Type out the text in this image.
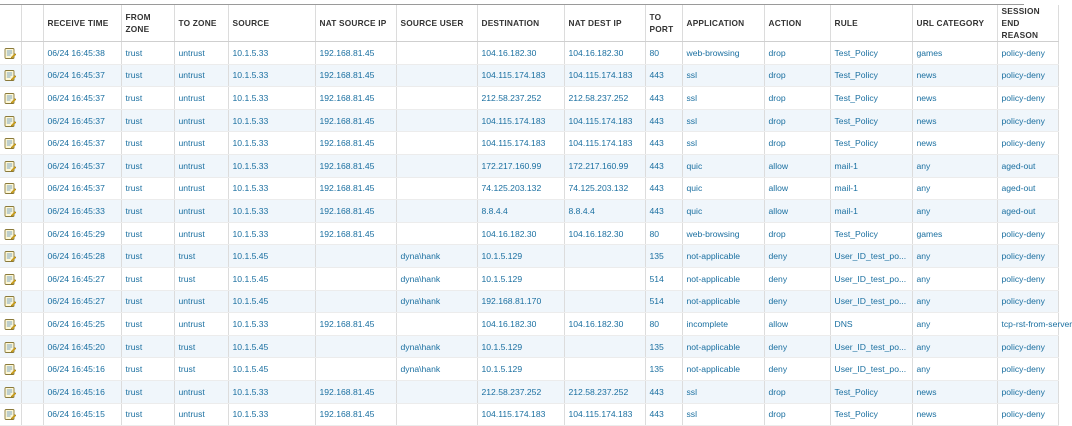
		RECEIVE TIME	FROM ZONE	TO ZONE	SOURCE	NAT SOURCE IP	SOURCE USER	DESTINATION	NAT DEST IP	TO PORT	APPLICATION	ACTION	RULE	URL CATEGORY	SESSION END REASON

		06/24 16:45:38	trust	untrust	10.1.5.33	192.168.81.45		104.16.182.30	104.16.182.30	80	web-browsing	drop	Test_Policy	games	policy-deny

		06/24 16:45:37	trust	untrust	10.1.5.33	192.168.81.45		104.115.174.183	104.115.174.183	443	ssl	drop	Test_Policy	news	policy-deny

		06/24 16:45:37	trust	untrust	10.1.5.33	192.168.81.45		212.58.237.252	212.58.237.252	443	ssl	drop	Test_Policy	news	policy-deny

		06/24 16:45:37	trust	untrust	10.1.5.33	192.168.81.45		104.115.174.183	104.115.174.183	443	ssl	drop	Test_Policy	news	policy-deny

		06/24 16:45:37	trust	untrust	10.1.5.33	192.168.81.45		104.115.174.183	104.115.174.183	443	ssl	drop	Test_Policy	news	policy-deny

		06/24 16:45:37	trust	untrust	10.1.5.33	192.168.81.45		172.217.160.99	172.217.160.99	443	quic	allow	mail-1	any	aged-out

		06/24 16:45:37	trust	untrust	10.1.5.33	192.168.81.45		74.125.203.132	74.125.203.132	443	quic	allow	mail-1	any	aged-out

		06/24 16:45:33	trust	untrust	10.1.5.33	192.168.81.45		8.8.4.4	8.8.4.4	443	quic	allow	mail-1	any	aged-out

		06/24 16:45:29	trust	untrust	10.1.5.33	192.168.81.45		104.16.182.30	104.16.182.30	80	web-browsing	drop	Test_Policy	games	policy-deny

		06/24 16:45:28	trust	trust	10.1.5.45		dyna\hank	10.1.5.129		135	not-applicable	deny	User_ID_test_po...	any	policy-deny

		06/24 16:45:27	trust	trust	10.1.5.45		dyna\hank	10.1.5.129		514	not-applicable	deny	User_ID_test_po...	any	policy-deny

		06/24 16:45:27	trust	untrust	10.1.5.45		dyna\hank	192.168.81.170		514	not-applicable	deny	User_ID_test_po...	any	policy-deny

		06/24 16:45:25	trust	untrust	10.1.5.33	192.168.81.45		104.16.182.30	104.16.182.30	80	incomplete	allow	DNS	any	tcp-rst-from-server

		06/24 16:45:20	trust	trust	10.1.5.45		dyna\hank	10.1.5.129		135	not-applicable	deny	User_ID_test_po...	any	policy-deny

		06/24 16:45:16	trust	trust	10.1.5.45		dyna\hank	10.1.5.129		135	not-applicable	deny	User_ID_test_po...	any	policy-deny

		06/24 16:45:16	trust	untrust	10.1.5.33	192.168.81.45		212.58.237.252	212.58.237.252	443	ssl	drop	Test_Policy	news	policy-deny

		06/24 16:45:15	trust	untrust	10.1.5.33	192.168.81.45		104.115.174.183	104.115.174.183	443	ssl	drop	Test_Policy	news	policy-deny
